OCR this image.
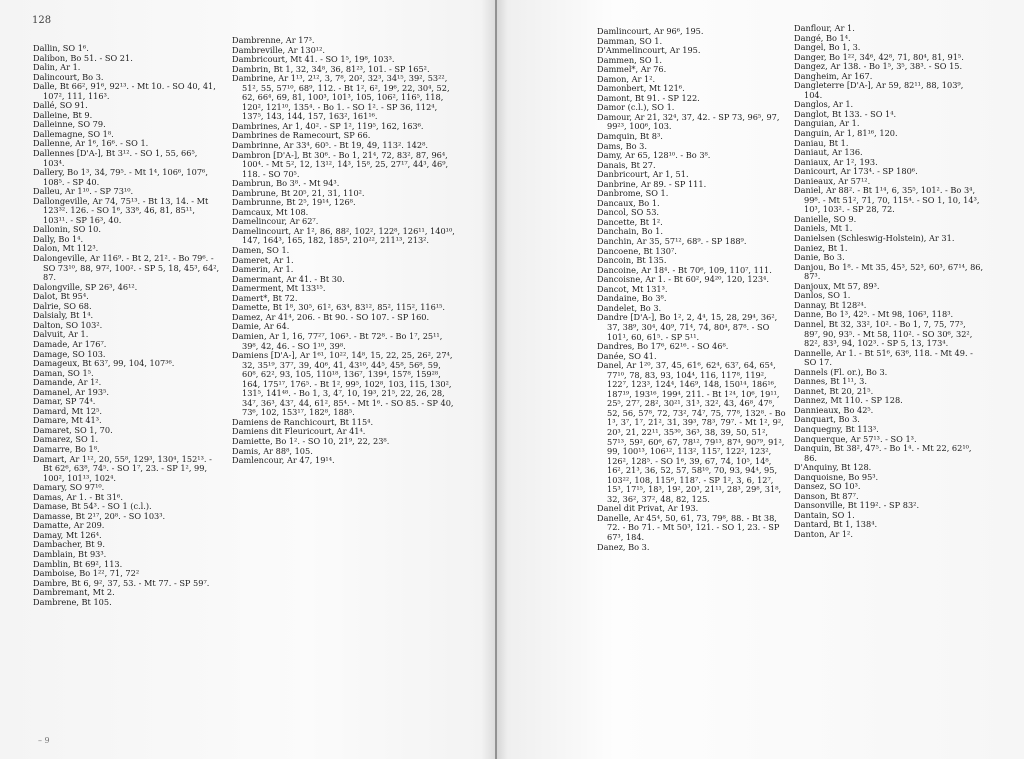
128
Dallin, SO 1⁶.
Dalibon, Bo 51. - SO 21.
Dalin, Ar 1.
Dalincourt, Bo 3.
Dalle, Bt 66², 91⁶, 92¹³. - Mt 10. - SO 40, 41, 107², 111, 116³.
Dallé, SO 91.
Dalleine, Bt 9.
Dalleinne, SO 79.
Dallemagne, SO 1⁸.
Dallenne, Ar 1⁶, 16⁶. - SO 1.
Dallennes [D'A-], Bt 3¹². - SO 1, 55, 66⁵, 103⁴.
Dallery, Bo 1³, 34, 79⁵. - Mt 1⁴, 106⁶, 107⁶, 108⁵. - SP 40.
Dalleu, Ar 1¹⁰. - SP 73¹⁰.
Dallongeville, Ar 74, 75¹³. - Bt 13, 14. - Mt 123³². 126. - SO 1⁶, 33⁸, 46, 81, 85¹¹, 103¹¹. - SP 16³, 40.
Dallonin, SO 10.
Dally, Bo 1⁴.
Dalon, Mt 112³.
Dalongeville, Ar 116⁹. - Bt 2, 21². - Bo 79⁶. - SO 73¹⁰, 88, 97², 100². - SP 5, 18, 45³, 64², 87.
Dalongville, SP 26³, 46¹².
Dalot, Bt 95⁴.
Dalrie, SO 68.
Dalsialy, Bt 1⁴.
Dalton, SO 103².
Dalvuit, Ar 1.
Damade, Ar 176⁷.
Damage, SO 103.
Damageux, Bt 63⁷, 99, 104, 107³⁶.
Daman, SO 1⁵.
Damande, Ar 1².
Damanel, Ar 193⁵.
Damar, SP 74⁴.
Damard, Mt 12⁵.
Damare, Mt 41³.
Damaret, SO 1, 70.
Damarez, SO 1.
Damarre, Bo 1⁸.
Damart, Ar 1¹², 20, 55⁸, 129³, 130⁴, 152¹³. - Bt 62⁶, 63⁸, 74⁵. - SO 1⁷, 23. - SP 1², 99, 100², 101¹³, 102⁴.
Damary, SO 97¹⁰.
Damas, Ar 1. - Bt 31⁶.
Damase, Bt 54³. - SO 1 (c.l.).
Damasse, Bt 2¹⁷, 20⁸. - SO 103³.
Damatte, Ar 209.
Damay, Mt 126⁴.
Dambacher, Bt 9.
Damblain, Bt 93³.
Damblin, Bt 69², 113.
Damboise, Bo 1²², 71, 72²
Dambre, Bt 6, 9², 37, 53. - Mt 77. - SP 59⁷.
Dambremant, Mt 2.
Dambrene, Bt 105.
Dambrenne, Ar 17³.
Dambreville, Ar 130¹².
Dambricourt, Mt 41. - SO 1⁵, 19⁸, 103³.
Dambrin, Bt 1, 32, 34⁸, 36, 81²³, 101. - SP 165².
Dambrine, Ar 1¹³, 2¹², 3, 7⁸, 20², 32³, 34¹⁵, 39², 53²², 51², 55, 57¹⁰, 68⁹, 112. - Bt 1², 6², 19⁶, 22, 30⁴, 52, 62, 66⁴, 69, 81, 100³, 101³, 105, 106², 116⁵, 118, 120², 121¹⁰, 135⁴. - Bo 1. - SO 1². - SP 36, 112⁴, 137⁵, 143, 144, 157, 163², 161¹⁶.
Dambrines, Ar 1, 40². - SP 1², 119⁵, 162, 163⁶.
Dambrines de Ramecourt, SP 66.
Dambrinne, Ar 33⁴, 60⁵. - Bt 19, 49, 113². 142⁸.
Dambron [D'A-], Bt 30⁶. - Bo 1, 21⁴, 72, 83², 87, 96⁴, 100⁴. - Mt 5², 12, 13¹², 14³, 15⁸, 25, 27¹⁷, 44³, 46⁹, 118. - SO 70⁵.
Dambrun, Bo 3⁸. - Mt 94³.
Dambrune, Bt 20⁵, 21, 31, 110².
Dambrunne, Bt 2⁵, 19¹⁴, 126⁸.
Damcaux, Mt 108.
Damelincour, Ar 62⁷.
Damelincourt, Ar 1², 86, 88², 102², 122⁸, 126¹¹, 140¹⁰, 147, 164³, 165, 182, 185³, 210²², 211¹³, 213².
Damen, SO 1.
Dameret, Ar 1.
Damerin, Ar 1.
Damermant, Ar 41. - Bt 30.
Damerment, Mt 133¹⁵.
Damert*, Bt 72.
Damette, Bt 1⁸, 30⁵, 61², 63⁴, 83¹², 85², 115², 116¹⁵.
Damez, Ar 41⁴, 206. - Bt 90. - SO 107. - SP 160.
Damie, Ar 64.
Damien, Ar 1, 16, 77²⁷, 106³. - Bt 72⁸. - Bo 1⁷, 25¹¹, 39⁸, 42, 46. - SO 1¹⁰, 39⁸.
Damiens [D'A-], Ar 1⁶¹, 10²², 14⁸, 15, 22, 25, 26², 27⁴, 32, 35¹⁹, 37⁷, 39, 40⁶, 41, 43¹⁰, 44⁵, 45⁸, 56⁸, 59, 60⁸, 62², 93, 105, 110¹⁸, 136⁷, 139⁴, 157⁸, 159²⁸, 164, 175¹⁷, 176⁵. - Bt 1², 99⁵, 102⁸, 103, 115, 130², 131⁵, 141⁴⁸. - Bo 1, 3, 4⁷, 10, 19³, 21⁵, 22, 26, 28, 34⁷, 36³, 43⁷, 44, 61², 85⁴. - Mt 1⁶. - SO 85. - SP 40, 73⁶, 102, 153¹⁷, 182⁸, 188⁵.
Damiens de Ranchicourt, Bt 115⁴.
Damiens dit Fleuricourt, Ar 41⁴.
Damiette, Bo 1². - SO 10, 21⁹, 22, 23⁸.
Damis, Ar 88⁸, 105.
Damlencour, Ar 47, 19¹⁴.
Damlincourt, Ar 96⁶, 195.
Damman, SO 1.
D'Ammelincourt, Ar 195.
Dammen, SO 1.
Dammel*, Ar 76.
Damon, Ar 1².
Damonbert, Mt 121⁶.
Damont, Bt 91. - SP 122.
Damor (c.l.), SO 1.
Damour, Ar 21, 32⁴, 37, 42. - SP 73, 96⁵, 97, 99²³, 100⁶, 103.
Damquin, Bt 8³.
Dams, Bo 3.
Damy, Ar 65, 128¹⁰. - Bo 3⁸.
Danais, Bt 27.
Danbricourt, Ar 1, 51.
Danbrine, Ar 89. - SP 111.
Danbrome, SO 1.
Dancaux, Bo 1.
Dancol, SO 53.
Dancette, Bt 1².
Danchain, Bo 1.
Danchin, Ar 35, 57¹², 68⁹. - SP 188⁹.
Dancoene, Bt 130⁷.
Dancoin, Bt 135.
Dancoine, Ar 18⁴. - Bt 70⁶, 109, 110⁷, 111.
Dancoisne, Ar 1. - Bt 60², 94²⁰, 120, 123⁴.
Dancot, Mt 131³.
Dandaine, Bo 3⁸.
Dandelet, Bo 3.
Dandre [D'A-], Bo 1², 2, 4⁴, 15, 28, 29⁴, 36², 37, 38⁹, 30⁴, 40⁹, 71⁴, 74, 80⁴, 87⁸. - SO 101¹, 60, 61⁵. - SP 5¹¹.
Dandres, Bo 17⁶, 62¹⁶. - SO 46⁸.
Danée, SO 41.
Danel, Ar 1²⁰, 37, 45, 61⁶, 62⁴, 63⁷, 64, 65⁴, 77¹⁰, 78, 83, 93, 104⁴, 116, 117⁸, 119², 122⁷, 123³, 124⁴, 146⁹, 148, 150¹⁴, 186¹⁶, 187¹⁹, 193¹⁶, 199⁴, 211. - Bt 1²⁴, 10⁶, 19¹¹, 25⁵, 27⁷, 28², 30²¹, 31³, 32², 43, 46⁸, 47⁸, 52, 56, 57⁸, 72, 73², 74⁷, 75, 77⁸, 132⁸. - Bo 1³, 3⁷, 1⁷, 21², 31, 39³, 78³, 79⁷. - Mt 1², 9², 20³, 21, 22¹¹, 35³⁰, 36³, 38, 39, 50, 51², 57¹³, 59², 60⁶, 67, 78¹², 79¹³, 87⁴, 90⁷⁹, 91², 99, 100¹³, 106¹², 113², 115⁷, 122², 123², 126², 128⁵. - SO 1⁶, 39, 67, 74, 10⁵, 14⁸, 16², 21³, 36, 52, 57, 58¹⁰, 70, 93, 94⁴, 95, 103²², 108, 115⁶, 118⁷. - SP 1², 3, 6, 12⁷, 15³, 17¹⁵, 18³, 19², 20³, 21¹¹, 28³, 29⁸, 31⁸, 32, 36², 37², 48, 82, 125.
Danel dit Privat, Ar 193.
Danelle, Ar 45⁴, 50, 61, 73, 79⁸, 88. - Bt 38, 72. - Bo 71. - Mt 50³, 121. - SO 1, 23. - SP 67³, 184.
Danez, Bo 3.
Danflour, Ar 1.
Dangé, Bo 1⁴.
Dangel, Bo 1, 3.
Danger, Bo 1²², 34⁶, 42⁸, 71, 80⁴, 81, 91⁵.
Dangez, Ar 138. - Bo 1⁵, 3⁵, 38³. - SO 15.
Dangheim, Ar 167.
Dangleterre [D'A-], Ar 59, 82¹¹, 88, 103⁹, 104.
Danglos, Ar 1.
Danglot, Bt 133. - SO 1⁴.
Danguian, Ar 1.
Danguin, Ar 1, 81¹⁶, 120.
Daniau, Bt 1.
Daniaut, Ar 136.
Daniaux, Ar 1², 193.
Danicourt, Ar 173⁴. - SP 180⁶.
Danieaux, Ar 57¹².
Daniel, Ar 88². - Bt 1¹⁴, 6, 35⁵, 101². - Bo 3⁴, 99⁸. - Mt 51², 71, 70, 115⁴. - SO 1, 10, 14³, 10³, 103². - SP 28, 72.
Danielle, SO 9.
Daniels, Mt 1.
Danielsen (Schleswig-Holstein), Ar 31.
Daniez, Bt 1.
Danie, Bo 3.
Danjou, Bo 1⁸. - Mt 35, 45³, 52³, 60³, 67¹⁴, 86, 87³.
Danjoux, Mt 57, 89³.
Danlos, SO 1.
Dannay, Bt 128²⁴.
Danne, Bo 1³, 42⁵. - Mt 98, 106³, 118³.
Dannel, Bt 32, 33², 10². - Bo 1, 7, 75, 77³, 89⁷, 90, 93⁵. - Mt 58, 110². - SO 30⁶, 32², 82², 83³, 94, 102³. - SP 5, 13, 173⁴.
Dannelle, Ar 1. - Bt 51⁶, 63⁶, 118. - Mt 49. - SO 17.
Dannels (Fl. or.), Bo 3.
Dannes, Bt 1¹¹, 3.
Dannet, Bt 20, 21⁵.
Dannez, Mt 110. - SP 128.
Dannieaux, Bo 42⁵.
Danquart, Bo 3.
Danquegny, Bt 113³.
Danquerque, Ar 57¹³. - SO 1³.
Danquin, Bt 38², 47⁵. - Bo 1⁴. - Mt 22, 62¹⁰, 86.
D'Anquiny, Bt 128.
Danquoisne, Bo 95³.
Dansez, SO 10³.
Danson, Bt 87⁷.
Dansonville, Bt 119². - SP 83².
Dantain, SO 1.
Dantard, Bt 1, 138⁴.
Danton, Ar 1².
– 9
